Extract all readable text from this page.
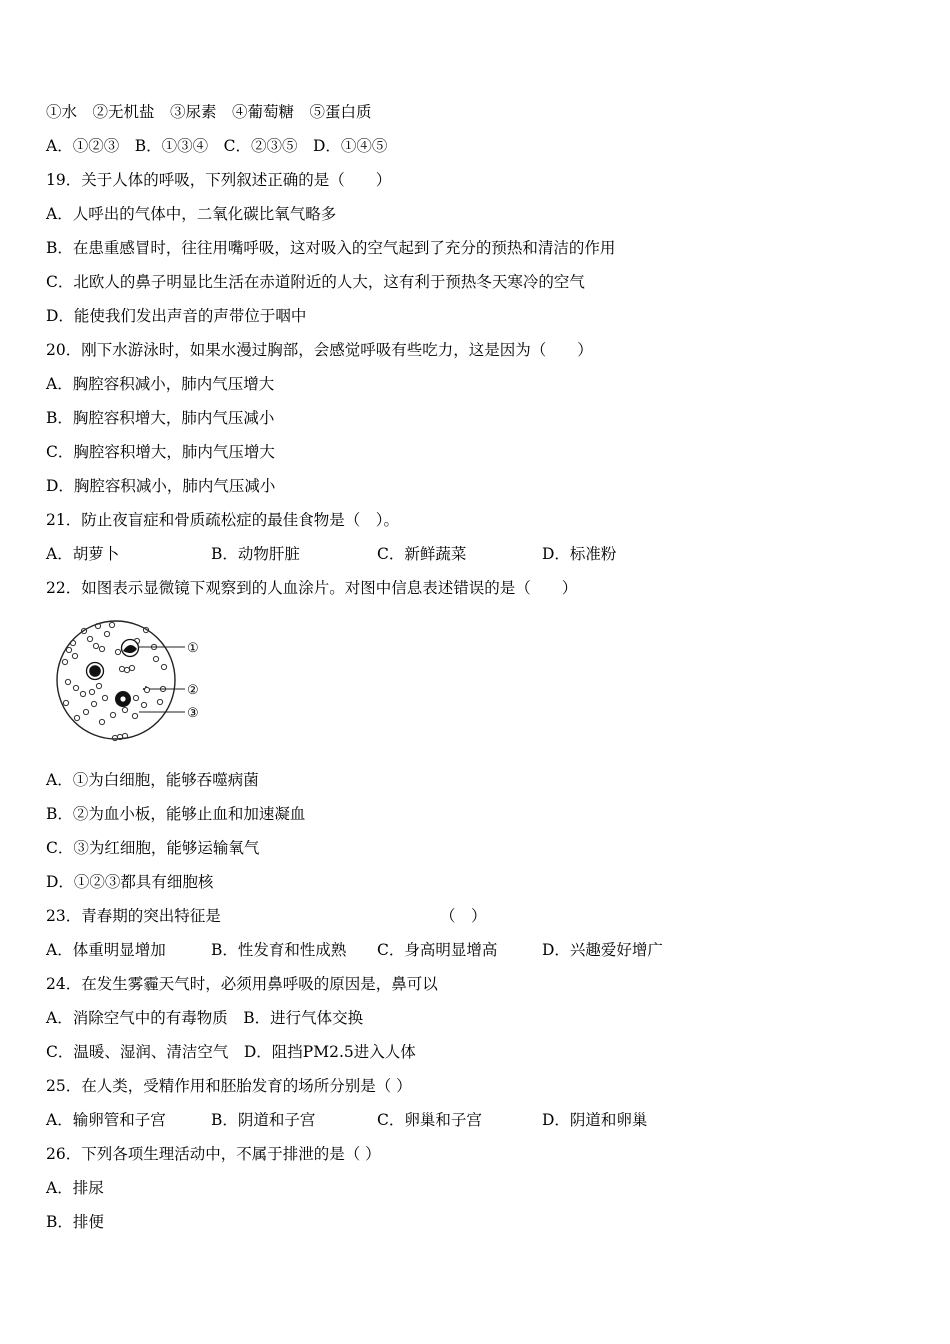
①水　②无机盐　③尿素　④葡萄糖　⑤蛋白质
A．①②③　B．①③④　C．②③⑤　D．①④⑤
19．关于人体的呼吸，下列叙述正确的是（　　）
A．人呼出的气体中，二氧化碳比氧气略多
B．在患重感冒时，往往用嘴呼吸，这对吸入的空气起到了充分的预热和清洁的作用
C．北欧人的鼻子明显比生活在赤道附近的人大，这有利于预热冬天寒冷的空气
D．能使我们发出声音的声带位于咽中
20．刚下水游泳时，如果水漫过胸部，会感觉呼吸有些吃力，这是因为（　　）
A．胸腔容积减小，肺内气压增大
B．胸腔容积增大，肺内气压减小
C．胸腔容积增大，肺内气压增大
D．胸腔容积减小，肺内气压减小
21．防止夜盲症和骨质疏松症的最佳食物是（　）。
A．胡萝卜	B．动物肝脏	C．新鲜蔬菜	D．标准粉
22．如图表示显微镜下观察到的人血涂片。对图中信息表述错误的是（　　）
①
②
③
A．①为白细胞，能够吞噬病菌
B．②为血小板，能够止血和加速凝血
C．③为红细胞，能够运输氧气
D．①②③都具有细胞核
23．青春期的突出特征是	（　）
A．体重明显增加	B．性发育和性成熟 C．身高明显增高	D．兴趣爱好增广
24．在发生雾霾天气时，必须用鼻呼吸的原因是，鼻可以
A．消除空气中的有毒物质　B．进行气体交换
C．温暖、湿润、清洁空气　D．阻挡PM2.5进入人体
25．在人类，受精作用和胚胎发育的场所分别是（ ）
A．输卵管和子宫	B．阴道和子宫	C．卵巢和子宫	D．阴道和卵巢
26．下列各项生理活动中，不属于排泄的是（ ）
A．排尿
B．排便
